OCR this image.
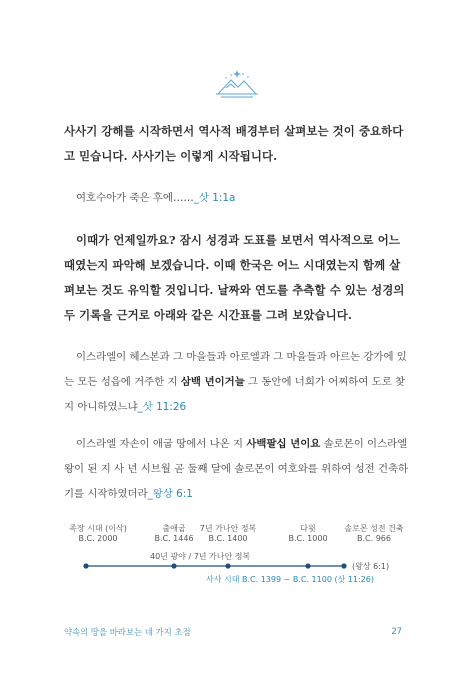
사사기 강해를 시작하면서 역사적 배경부터 살펴보는 것이 중요하다고 믿습니다. 사사기는 이렇게 시작됩니다.

여호수아가 죽은 후에……_삿 1:1a

이때가 언제일까요? 잠시 성경과 도표를 보면서 역사적으로 어느 때였는지 파악해 보겠습니다. 이때 한국은 어느 시대였는지 함께 살펴보는 것도 유익할 것입니다. 날짜와 연도를 추측할 수 있는 성경의 두 기록을 근거로 아래와 같은 시간표를 그려 보았습니다.

이스라엘이 헤스본과 그 마을들과 아로엘과 그 마을들과 아르논 강가에 있는 모든 성읍에 거주한 지 삼백 년이거늘 그 동안에 너희가 어찌하여 도로 찾지 아니하였느냐_삿 11:26

이스라엘 자손이 애굽 땅에서 나온 지 사백팔십 년이요 솔로몬이 이스라엘 왕이 된 지 사 년 시브월 곧 둘째 달에 솔로몬이 여호와를 위하여 성전 건축하기를 시작하였더라_왕상 6:1

족장 시대 (이삭)
B.C. 2000
출애굽
B.C. 1446
7년 가나안 정복
B.C. 1400
다윗
B.C. 1000
솔로몬 성전 건축
B.C. 966
40년 광야 / 7년 가나안 정복
(왕상 6:1)
사사 시대 B.C. 1399 ~ B.C. 1100 (삿 11:26)
약속의 땅을 바라보는 네 가지 초점	27
